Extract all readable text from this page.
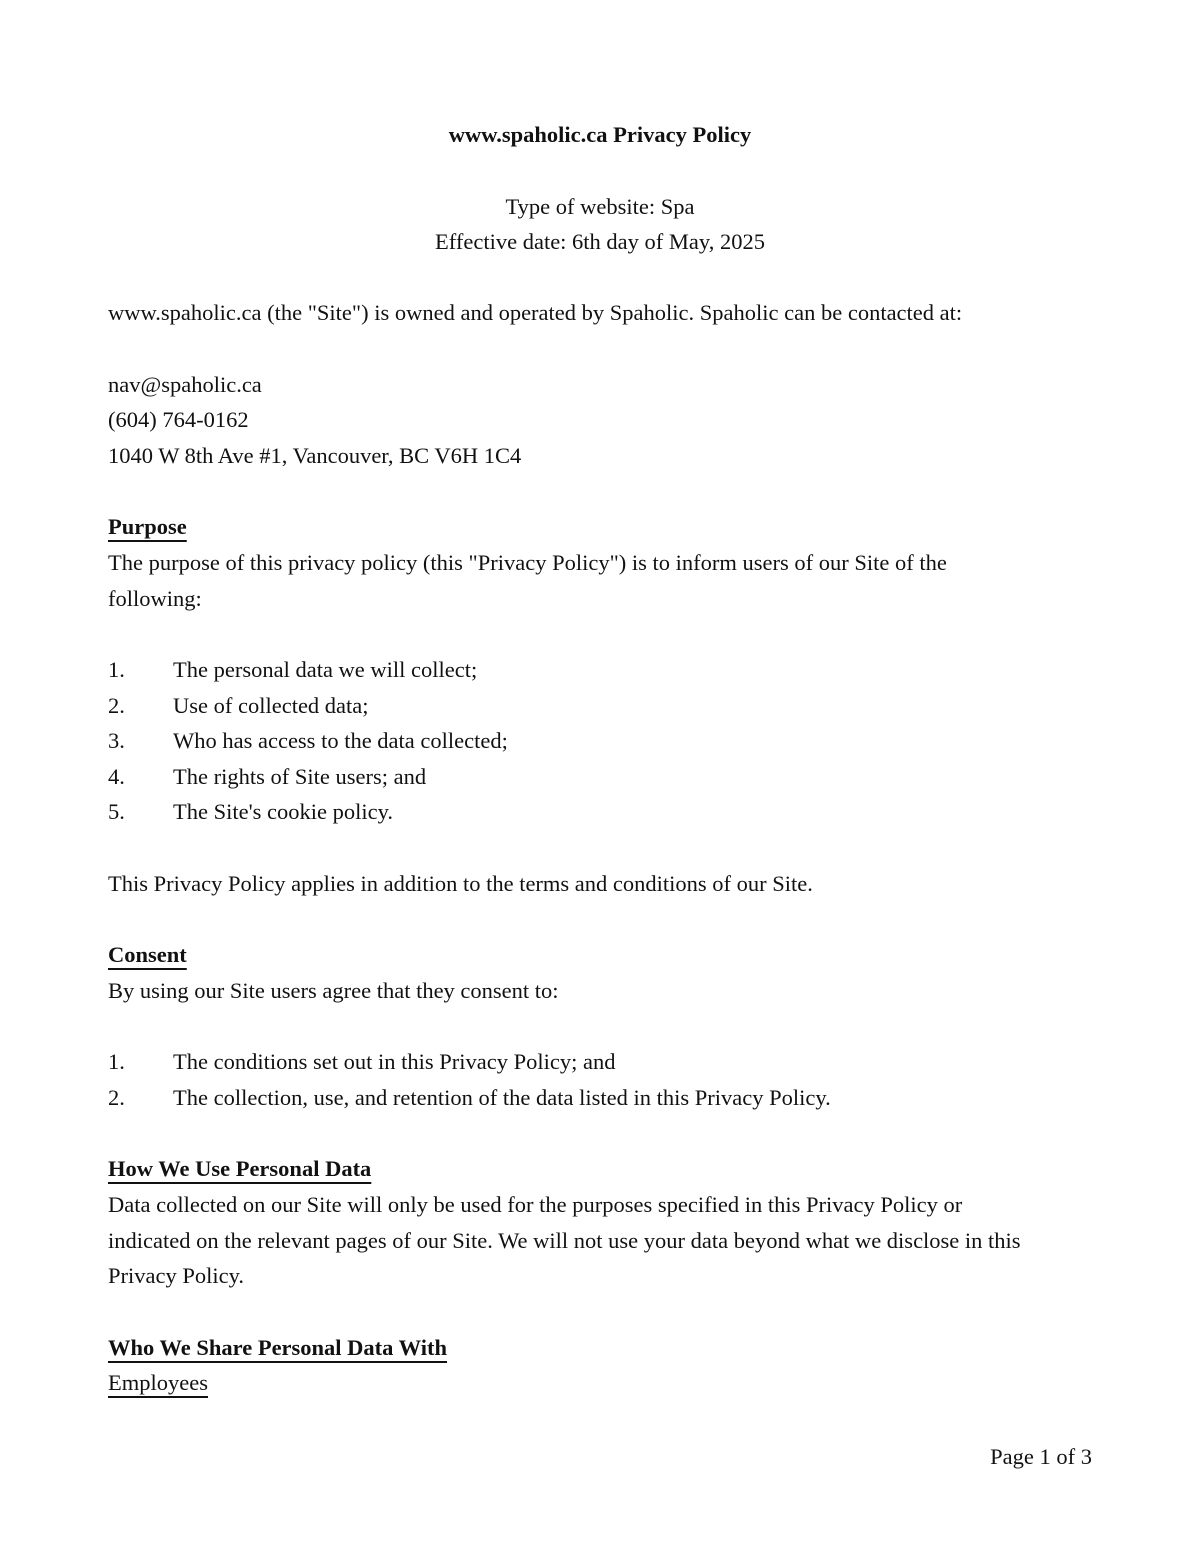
www.spaholic.ca Privacy Policy
Type of website: Spa
Effective date: 6th day of May, 2025
www.spaholic.ca (the "Site") is owned and operated by Spaholic. Spaholic can be contacted at:
nav@spaholic.ca
(604) 764-0162
1040 W 8th Ave #1, Vancouver, BC V6H 1C4
Purpose
The purpose of this privacy policy (this "Privacy Policy") is to inform users of our Site of the
following:
1. The personal data we will collect;
2. Use of collected data;
3. Who has access to the data collected;
4. The rights of Site users; and
5. The Site's cookie policy.
This Privacy Policy applies in addition to the terms and conditions of our Site.
Consent
By using our Site users agree that they consent to:
1. The conditions set out in this Privacy Policy; and
2. The collection, use, and retention of the data listed in this Privacy Policy.
How We Use Personal Data
Data collected on our Site will only be used for the purposes specified in this Privacy Policy or
indicated on the relevant pages of our Site. We will not use your data beyond what we disclose in this
Privacy Policy.
Who We Share Personal Data With
Employees
Page 1 of 3
